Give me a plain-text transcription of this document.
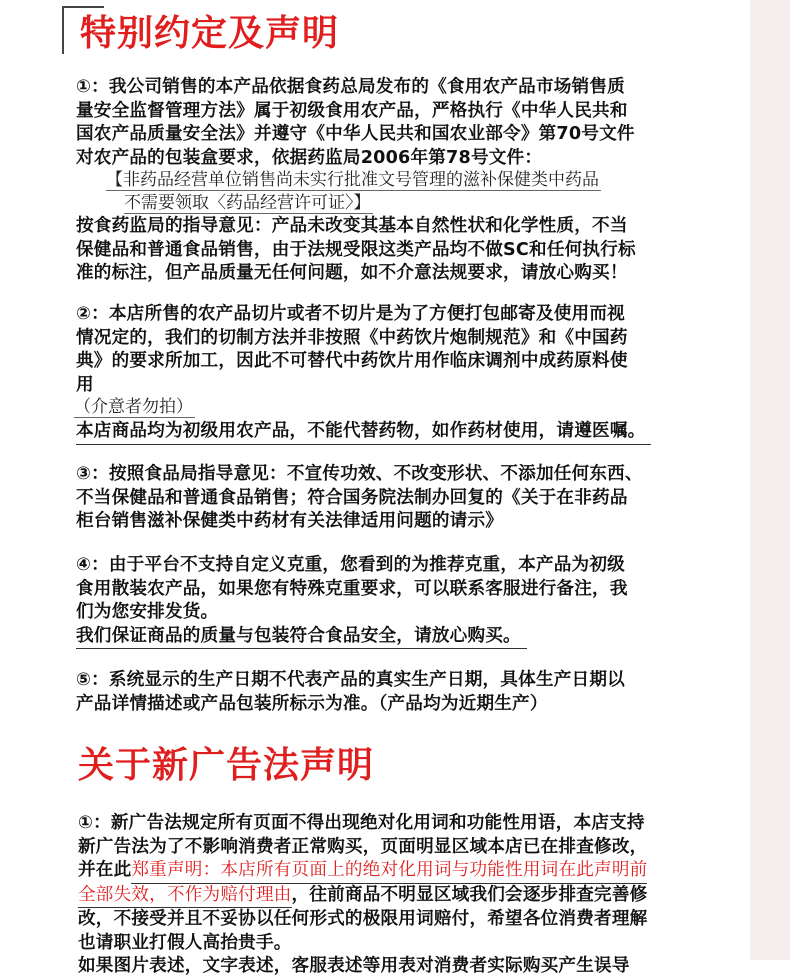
特别约定及声明
①：我公司销售的本产品依据食药总局发布的《食用农产品市场销售质
量安全监督管理方法》属于初级食用农产品，严格执行《中华人民共和
国农产品质量安全法》并遵守《中华人民共和国农业部令》第70号文件
对农产品的包装盒要求，依据药监局2006年第78号文件：
【非药品经营单位销售尚未实行批准文号管理的滋补保健类中药品
不需要领取〈药品经营许可证〉】
按食药监局的指导意见：产品未改变其基本自然性状和化学性质，不当
保健品和普通食品销售，由于法规受限这类产品均不做SC和任何执行标
准的标注，但产品质量无任何问题，如不介意法规要求，请放心购买！
②：本店所售的农产品切片或者不切片是为了方便打包邮寄及使用而视
情况定的，我们的切制方法并非按照《中药饮片炮制规范》和《中国药
典》的要求所加工，因此不可替代中药饮片用作临床调剂中成药原料使
用
（介意者勿拍）
本店商品均为初级用农产品，不能代替药物，如作药材使用，请遵医嘱。
③：按照食品局指导意见：不宣传功效、不改变形状、不添加任何东西、
不当保健品和普通食品销售；符合国务院法制办回复的《关于在非药品
柜台销售滋补保健类中药材有关法律适用问题的请示》
④：由于平台不支持自定义克重，您看到的为推荐克重，本产品为初级
食用散装农产品，如果您有特殊克重要求，可以联系客服进行备注，我
们为您安排发货。
我们保证商品的质量与包装符合食品安全，请放心购买。
⑤：系统显示的生产日期不代表产品的真实生产日期，具体生产日期以
产品详情描述或产品包装所标示为准。（产品均为近期生产）
关于新广告法声明
①：新广告法规定所有页面不得出现绝对化用词和功能性用语，本店支持
新广告法为了不影响消费者正常购买，页面明显区域本店已在排查修改，
并在此郑重声明：本店所有页面上的绝对化用词与功能性用词在此声明前
全部失效，不作为赔付理由，往前商品不明显区域我们会逐步排查完善修
改，不接受并且不妥协以任何形式的极限用词赔付，希望各位消费者理解
也请职业打假人高抬贵手。
如果图片表述，文字表述，客服表述等用表对消费者实际购买产生误导
